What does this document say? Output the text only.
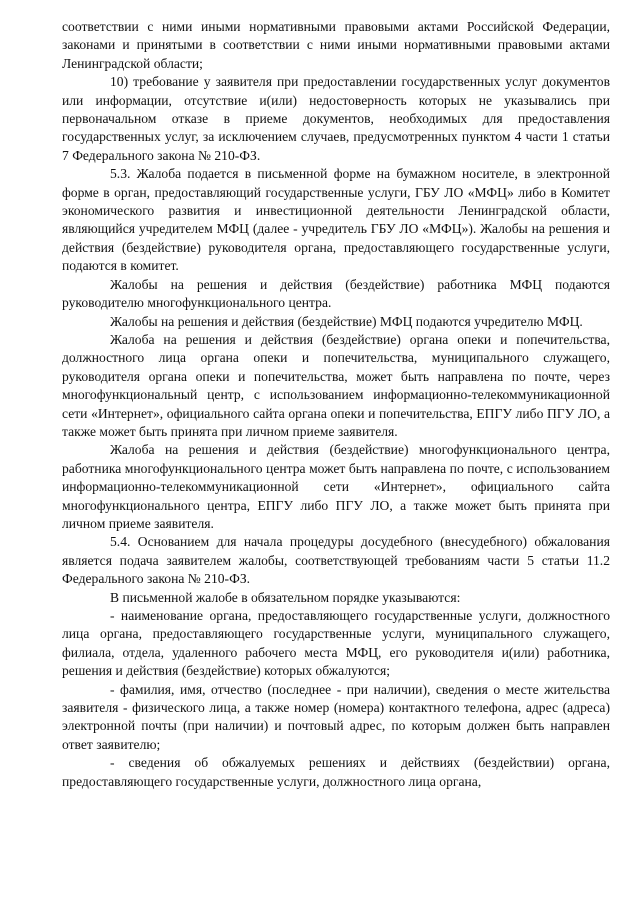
соответствии с ними иными нормативными правовыми актами Российской Федерации, законами и принятыми в соответствии с ними иными нормативными правовыми актами Ленинградской области;

10) требование у заявителя при предоставлении государственных услуг документов или информации, отсутствие и(или) недостоверность которых не указывались при первоначальном отказе в приеме документов, необходимых для предоставления государственных услуг, за исключением случаев, предусмотренных пунктом 4 части 1 статьи 7 Федерального закона № 210-ФЗ.

5.3. Жалоба подается в письменной форме на бумажном носителе, в электронной форме в орган, предоставляющий государственные услуги, ГБУ ЛО «МФЦ» либо в Комитет экономического развития и инвестиционной деятельности Ленинградской области, являющийся учредителем МФЦ (далее - учредитель ГБУ ЛО «МФЦ»). Жалобы на решения и действия (бездействие) руководителя органа, предоставляющего государственные услуги, подаются в комитет.

Жалобы на решения и действия (бездействие) работника МФЦ подаются руководителю многофункционального центра.

Жалобы на решения и действия (бездействие) МФЦ подаются учредителю МФЦ.

Жалоба на решения и действия (бездействие) органа опеки и попечительства, должностного лица органа опеки и попечительства, муниципального служащего, руководителя органа опеки и попечительства, может быть направлена по почте, через многофункциональный центр, с использованием информационно-телекоммуникационной сети «Интернет», официального сайта органа опеки и попечительства, ЕПГУ либо ПГУ ЛО, а также может быть принята при личном приеме заявителя.

Жалоба на решения и действия (бездействие) многофункционального центра, работника многофункционального центра может быть направлена по почте, с использованием информационно-телекоммуникационной сети «Интернет», официального сайта многофункционального центра, ЕПГУ либо ПГУ ЛО, а также может быть принята при личном приеме заявителя.

5.4. Основанием для начала процедуры досудебного (внесудебного) обжалования является подача заявителем жалобы, соответствующей требованиям части 5 статьи 11.2 Федерального закона № 210-ФЗ.

В письменной жалобе в обязательном порядке указываются:

- наименование органа, предоставляющего государственные услуги, должностного лица органа, предоставляющего государственные услуги, муниципального служащего, филиала, отдела, удаленного рабочего места МФЦ, его руководителя и(или) работника, решения и действия (бездействие) которых обжалуются;

- фамилия, имя, отчество (последнее - при наличии), сведения о месте жительства заявителя - физического лица, а также номер (номера) контактного телефона, адрес (адреса) электронной почты (при наличии) и почтовый адрес, по которым должен быть направлен ответ заявителю;

- сведения об обжалуемых решениях и действиях (бездействии) органа, предоставляющего государственные услуги, должностного лица органа,
